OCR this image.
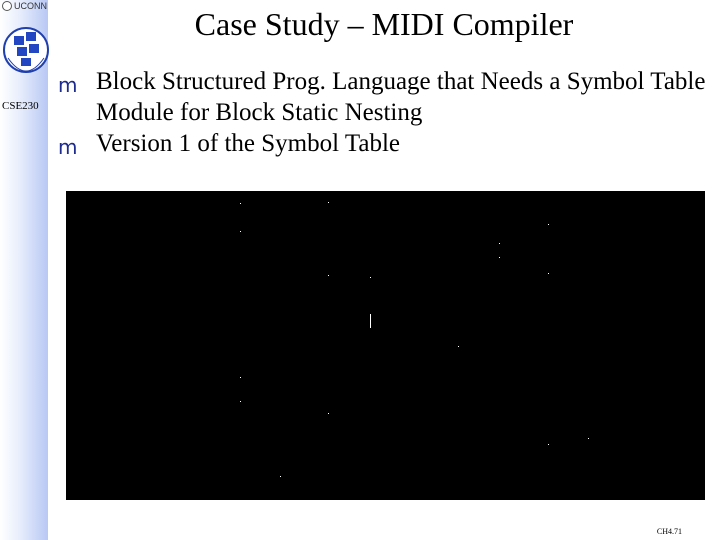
UCONN
CSE230
Case Study – MIDI Compiler
m Block Structured Prog. Language that Needs a Symbol Table Module for Block Static Nesting
m Version 1 of the Symbol Table
CH4.71
